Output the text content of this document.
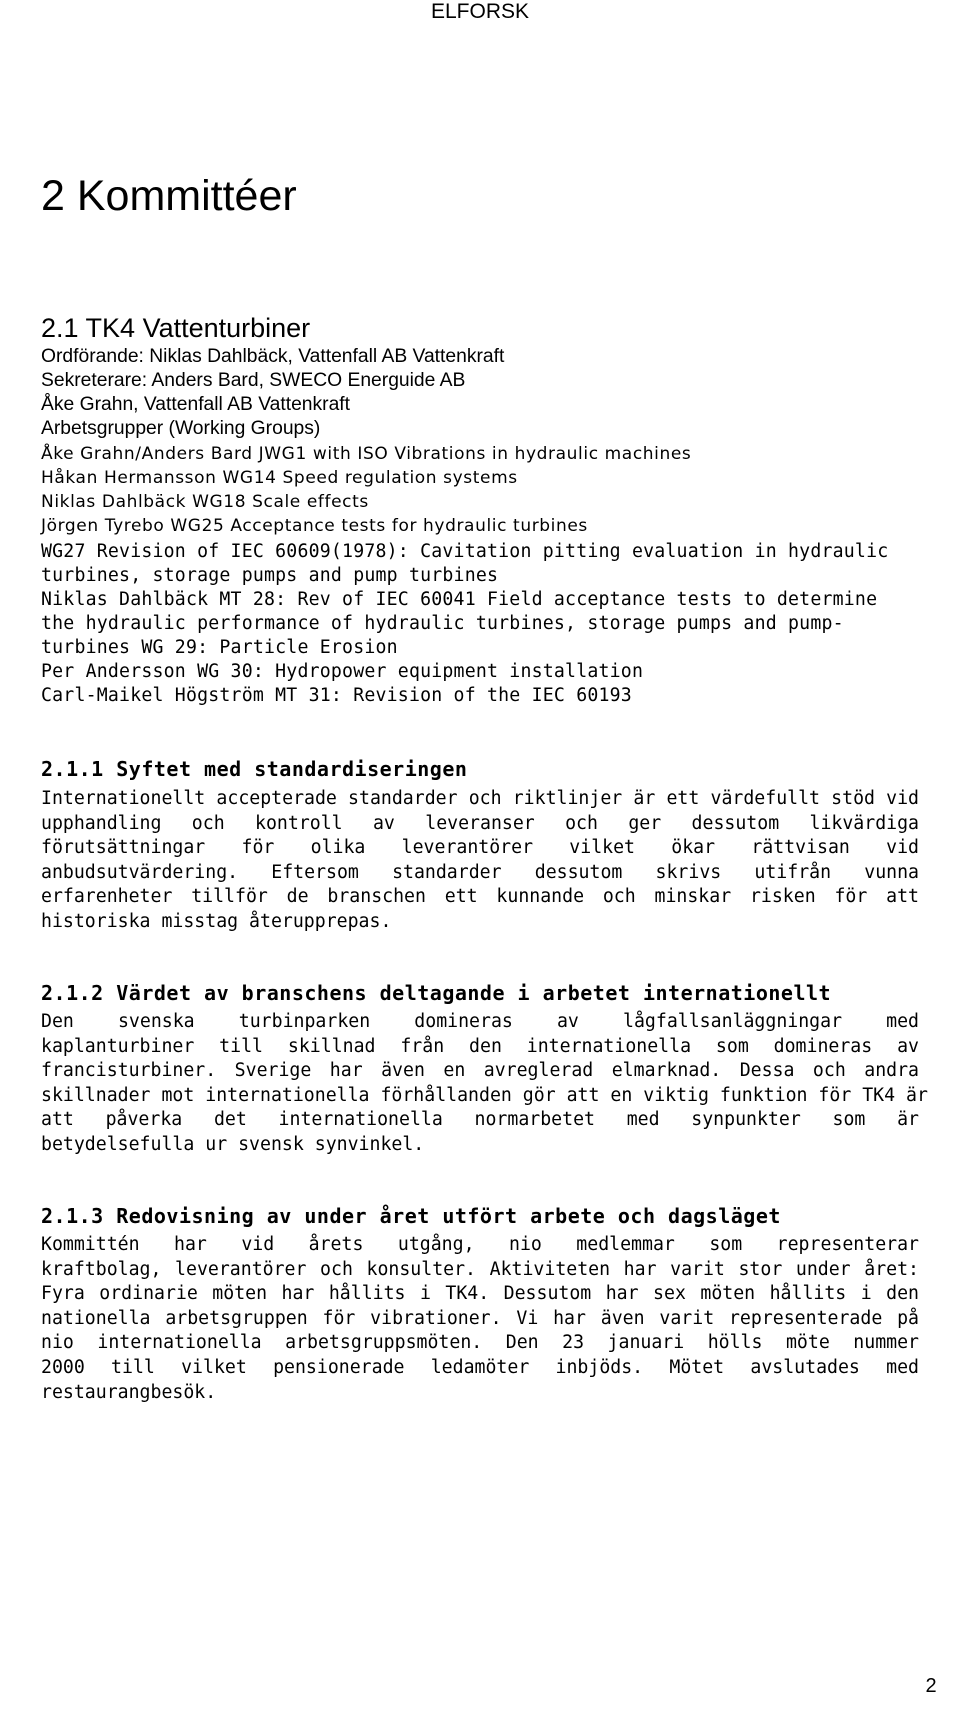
ELFORSK
2 Kommittéer
2.1 TK4 Vattenturbiner
Ordförande: Niklas Dahlbäck, Vattenfall AB Vattenkraft
Sekreterare: Anders Bard, SWECO Energuide AB
Åke Grahn, Vattenfall AB Vattenkraft
Arbetsgrupper (Working Groups)
Åke Grahn/Anders Bard JWG1 with ISO Vibrations in hydraulic machines
Håkan Hermansson WG14 Speed regulation systems
Niklas Dahlbäck WG18 Scale effects
Jörgen Tyrebo WG25 Acceptance tests for hydraulic turbines
WG27 Revision of IEC 60609(1978): Cavitation pitting evaluation in hydraulic
turbines, storage pumps and pump turbines
Niklas Dahlbäck MT 28: Rev of IEC 60041 Field acceptance tests to determine
the hydraulic performance of hydraulic turbines, storage pumps and pump-
turbines WG 29: Particle Erosion
Per Andersson WG 30: Hydropower equipment installation
Carl-Maikel Högström MT 31: Revision of the IEC 60193
2.1.1 Syftet med standardiseringen
Internationellt accepterade standarder och riktlinjer är ett värdefullt stöd vid
upphandling och kontroll av leveranser och ger dessutom likvärdiga
förutsättningar för olika leverantörer vilket ökar rättvisan vid
anbudsutvärdering. Eftersom standarder dessutom skrivs utifrån vunna
erfarenheter tillför de branschen ett kunnande och minskar risken för att
historiska misstag återupprepas.
2.1.2 Värdet av branschens deltagande i arbetet internationellt
Den svenska turbinparken domineras av lågfallsanläggningar med
kaplanturbiner till skillnad från den internationella som domineras av
francisturbiner. Sverige har även en avreglerad elmarknad. Dessa och andra
skillnader mot internationella förhållanden gör att en viktig funktion för TK4 är
att påverka det internationella normarbetet med synpunkter som är
betydelsefulla ur svensk synvinkel.
2.1.3 Redovisning av under året utfört arbete och dagsläget
Kommittén har vid årets utgång, nio medlemmar som representerar
kraftbolag, leverantörer och konsulter. Aktiviteten har varit stor under året:
Fyra ordinarie möten har hållits i TK4. Dessutom har sex möten hållits i den
nationella arbetsgruppen för vibrationer. Vi har även varit representerade på
nio internationella arbetsgruppsmöten. Den 23 januari hölls möte nummer
2000 till vilket pensionerade ledamöter inbjöds. Mötet avslutades med
restaurangbesök.
2
